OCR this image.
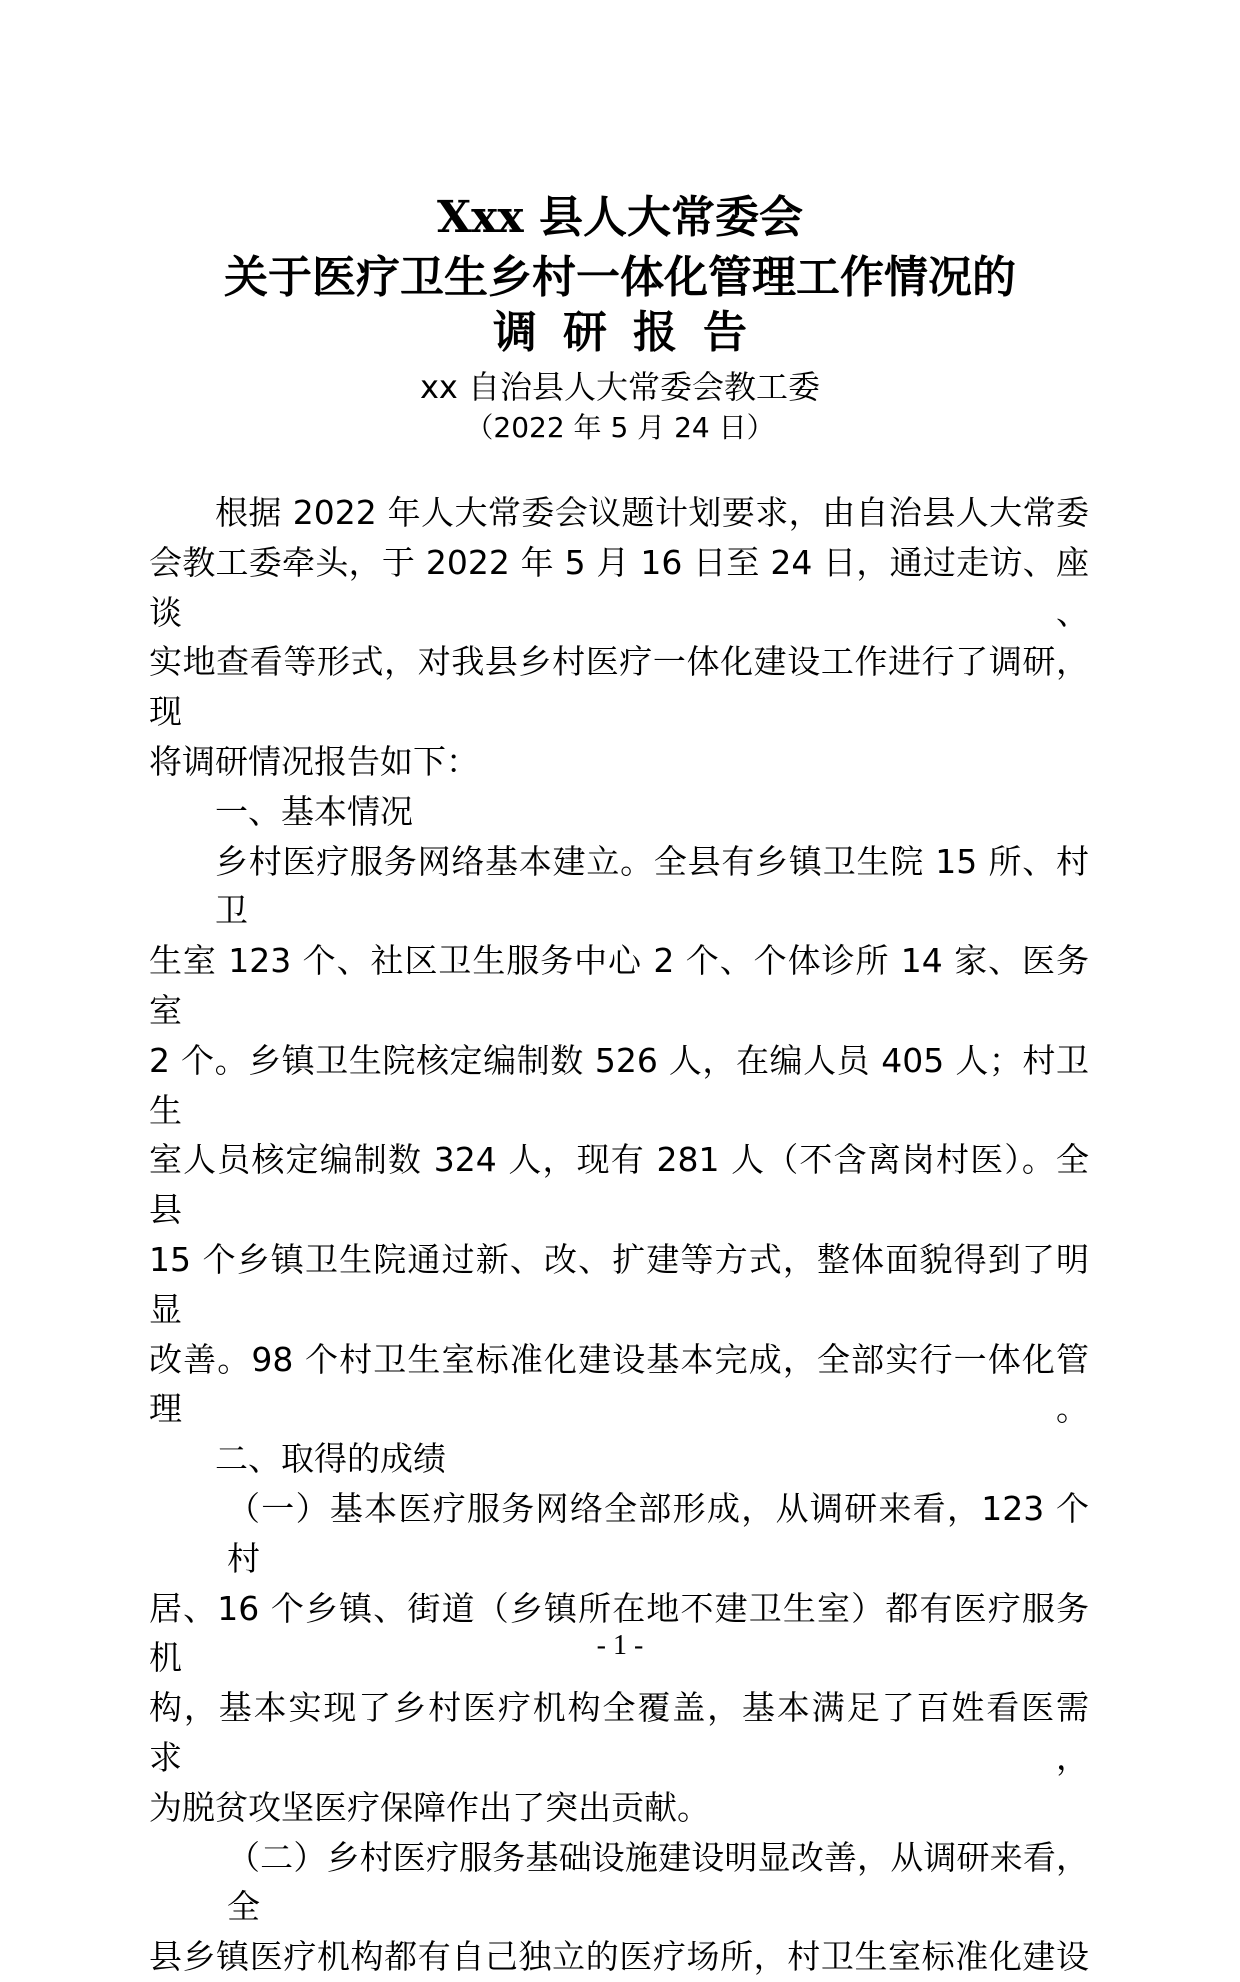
Xxx 县人大常委会
关于医疗卫生乡村一体化管理工作情况的
调研报告
xx 自治县人大常委会教工委
（2022 年 5 月 24 日）
根据 2022 年人大常委会议题计划要求，由自治县人大常委
会教工委牵头，于 2022 年 5 月 16 日至 24 日，通过走访、座谈、
实地查看等形式，对我县乡村医疗一体化建设工作进行了调研，现
将调研情况报告如下：
一、基本情况
乡村医疗服务网络基本建立。全县有乡镇卫生院 15 所、村卫
生室 123 个、社区卫生服务中心 2 个、个体诊所 14 家、医务室
2 个。乡镇卫生院核定编制数 526 人，在编人员 405 人；村卫生
室人员核定编制数 324 人，现有 281 人（不含离岗村医）。全县
15 个乡镇卫生院通过新、改、扩建等方式，整体面貌得到了明显
改善。98 个村卫生室标准化建设基本完成，全部实行一体化管理。
二、取得的成绩
（一）基本医疗服务网络全部形成，从调研来看，123 个村
居、16 个乡镇、街道（乡镇所在地不建卫生室）都有医疗服务机
构，基本实现了乡村医疗机构全覆盖，基本满足了百姓看医需求，
为脱贫攻坚医疗保障作出了突出贡献。
（二）乡村医疗服务基础设施建设明显改善，从调研来看，全
县乡镇医疗机构都有自己独立的医疗场所，村卫生室标准化建设
- 1 -
